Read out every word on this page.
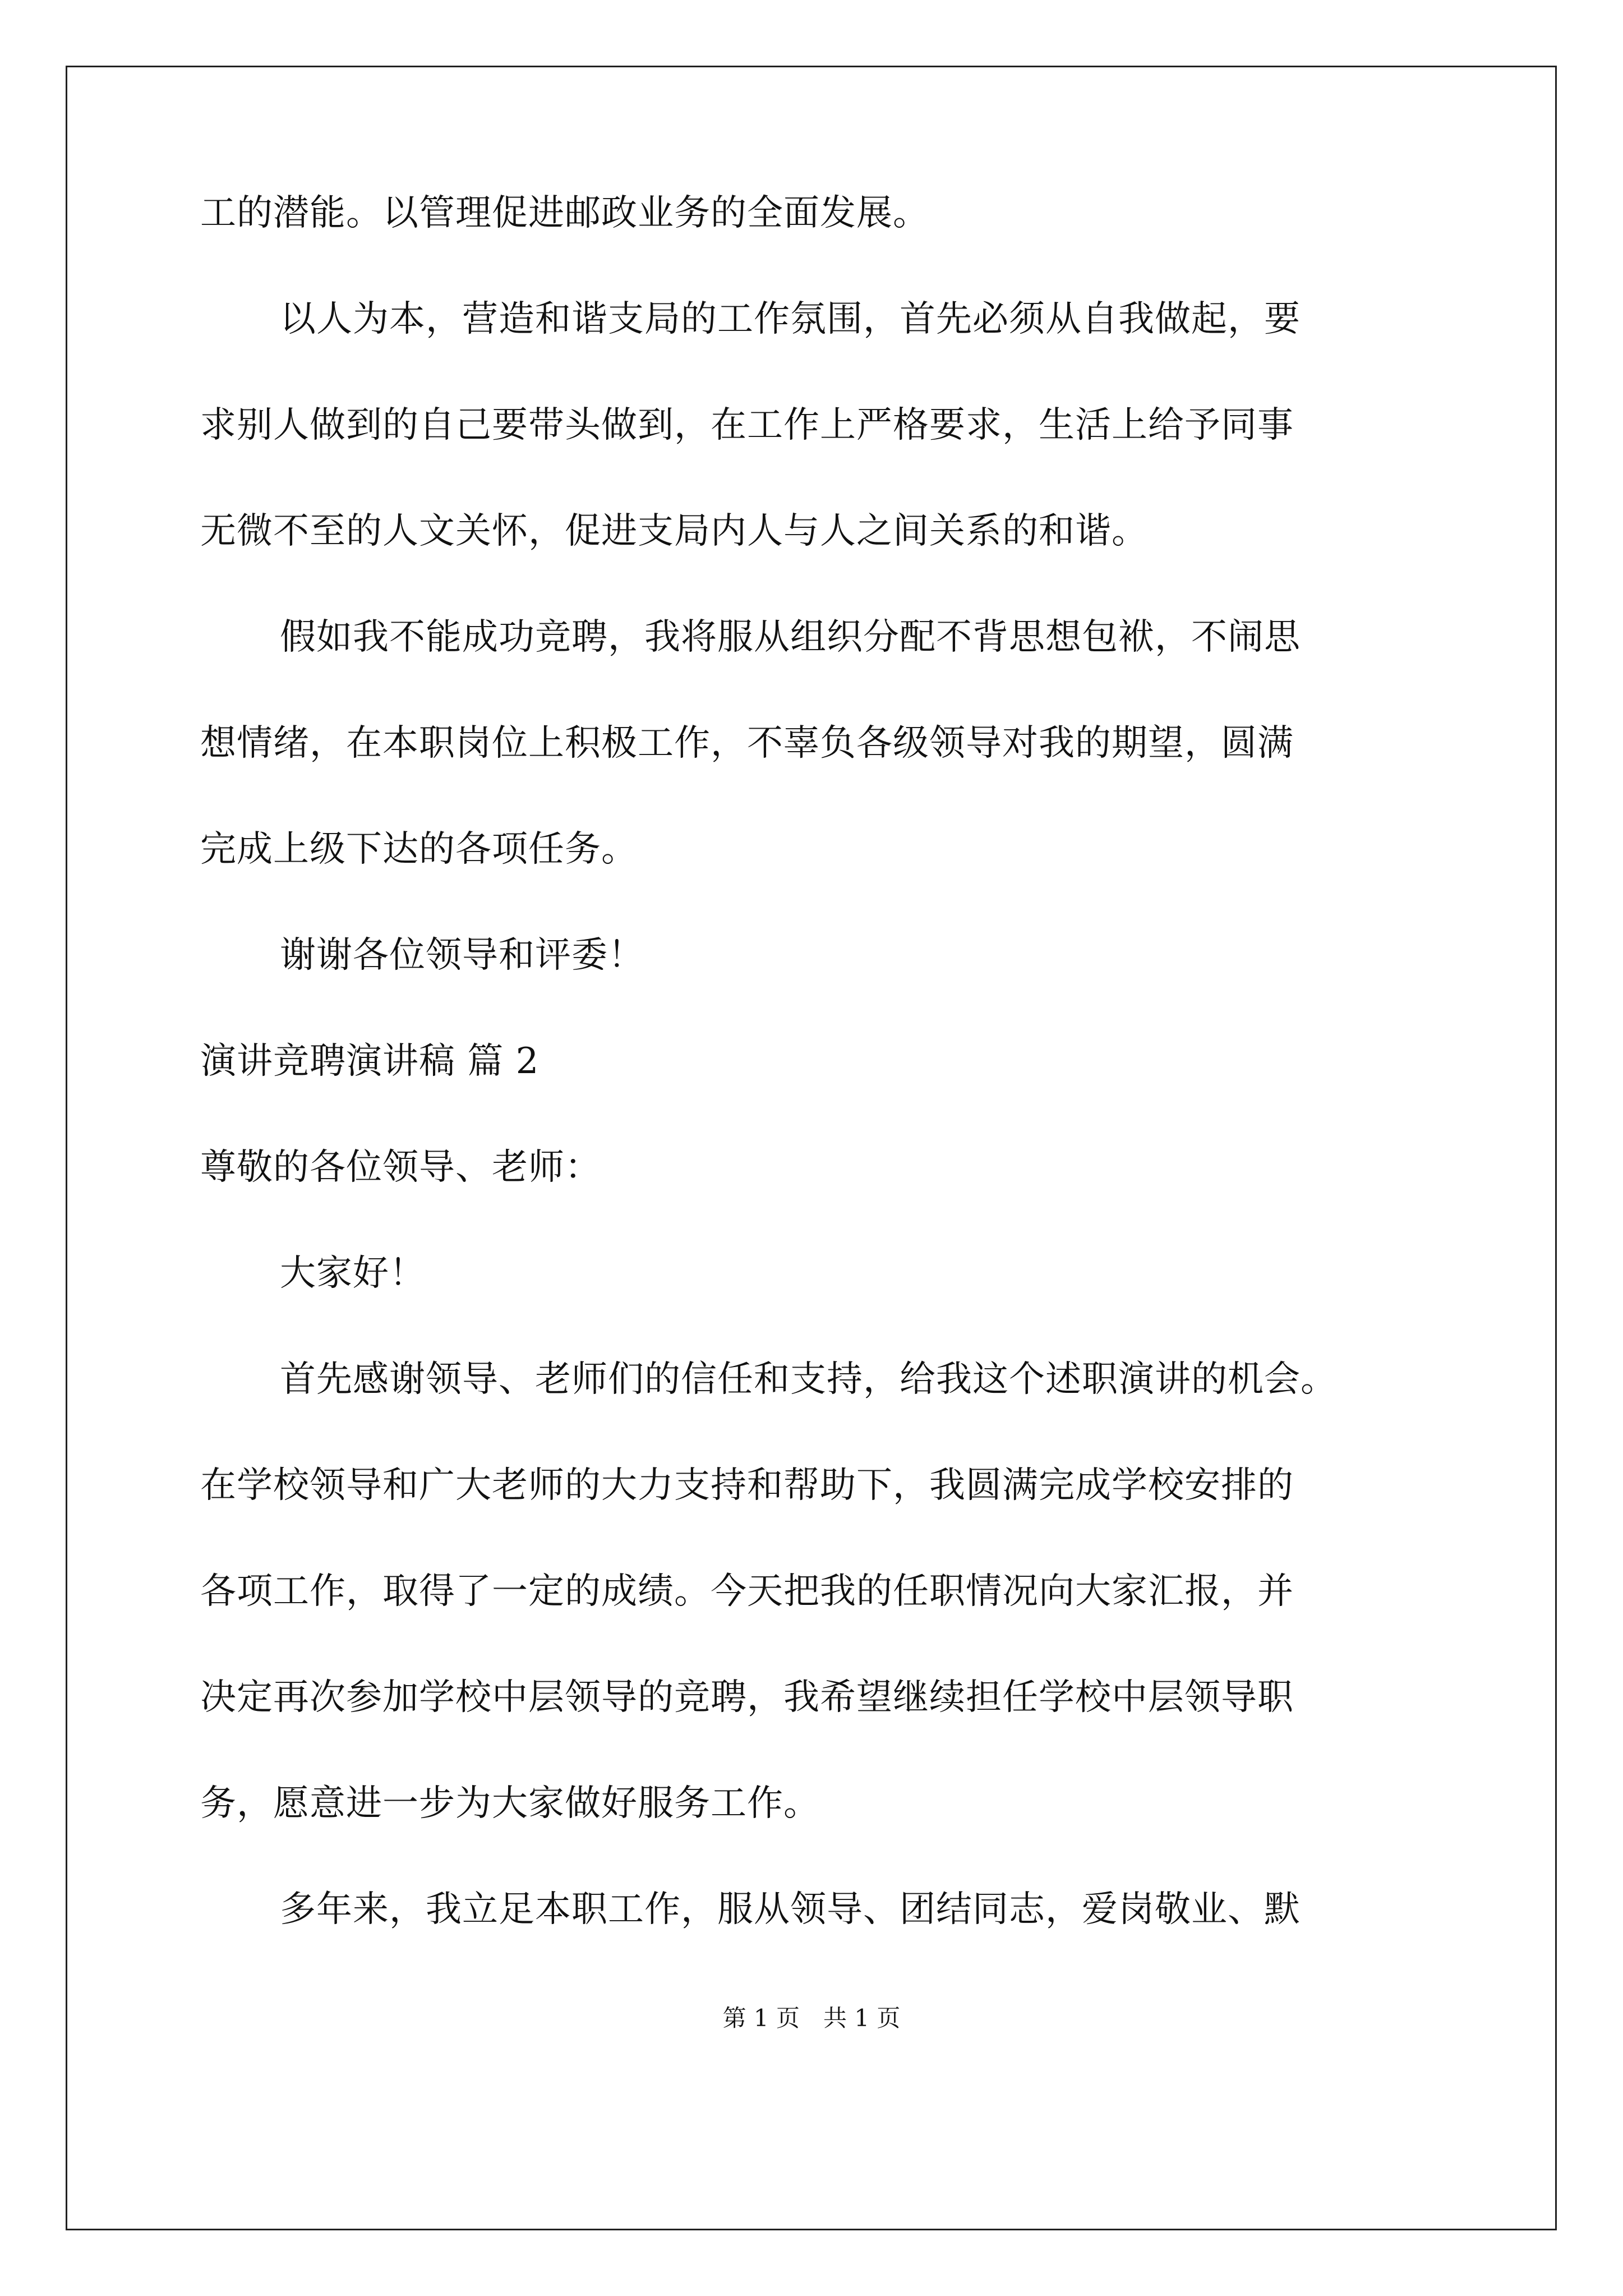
工的潜能。以管理促进邮政业务的全面发展。
以人为本，营造和谐支局的工作氛围，首先必须从自我做起，要
求别人做到的自己要带头做到，在工作上严格要求，生活上给予同事
无微不至的人文关怀，促进支局内人与人之间关系的和谐。
假如我不能成功竞聘，我将服从组织分配不背思想包袱，不闹思
想情绪，在本职岗位上积极工作，不辜负各级领导对我的期望，圆满
完成上级下达的各项任务。
谢谢各位领导和评委！
演讲竞聘演讲稿 篇 2
尊敬的各位领导、老师：
大家好！
首先感谢领导、老师们的信任和支持，给我这个述职演讲的机会。
在学校领导和广大老师的大力支持和帮助下，我圆满完成学校安排的
各项工作，取得了一定的成绩。今天把我的任职情况向大家汇报，并
决定再次参加学校中层领导的竞聘，我希望继续担任学校中层领导职
务，愿意进一步为大家做好服务工作。
多年来，我立足本职工作，服从领导、团结同志，爱岗敬业、默
第 1 页　共 1 页
